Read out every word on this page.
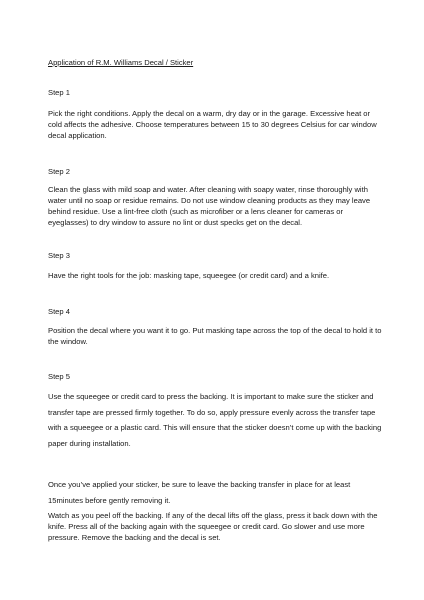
Application of R.M. Williams Decal / Sticker

Step 1

Pick the right conditions. Apply the decal on a warm, dry day or in the garage. Excessive heat or cold affects the adhesive. Choose temperatures between 15 to 30 degrees Celsius for car window decal application.

Step 2

Clean the glass with mild soap and water. After cleaning with soapy water, rinse thoroughly with water until no soap or residue remains. Do not use window cleaning products as they may leave behind residue. Use a lint-free cloth (such as microfiber or a lens cleaner for cameras or eyeglasses) to dry window to assure no lint or dust specks get on the decal.

Step 3

Have the right tools for the job: masking tape, squeegee (or credit card) and a knife.

Step 4

Position the decal where you want it to go. Put masking tape across the top of the decal to hold it to the window.

Step 5

Use the squeegee or credit card to press the backing. It is important to make sure the sticker and transfer tape are pressed firmly together. To do so, apply pressure evenly across the transfer tape with a squeegee or a plastic card. This will ensure that the sticker doesn’t come up with the backing paper during installation.

Once you’ve applied your sticker, be sure to leave the backing transfer in place for at least 15minutes before gently removing it.

Watch as you peel off the backing. If any of the decal lifts off the glass, press it back down with the knife. Press all of the backing again with the squeegee or credit card. Go slower and use more pressure. Remove the backing and the decal is set.
